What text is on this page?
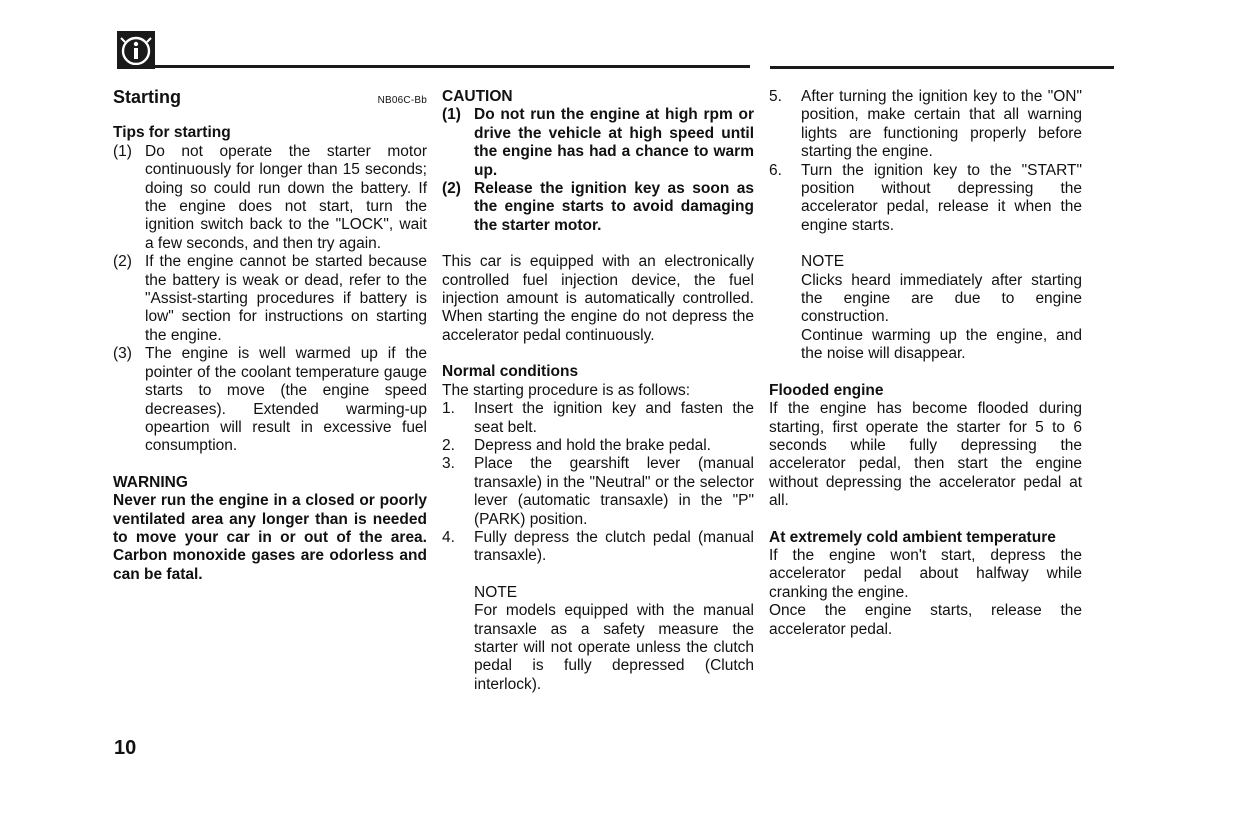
Starting	NB06C-Bb
Tips for starting
(1) Do not operate the starter motor continuously for longer than 15 seconds; doing so could run down the battery. If the engine does not start, turn the ignition switch back to the "LOCK", wait a few seconds, and then try again.
(2) If the engine cannot be started because the battery is weak or dead, refer to the "Assist-starting procedures if battery is low" section for instructions on starting the engine.
(3) The engine is well warmed up if the pointer of the coolant temperature gauge starts to move (the engine speed decreases). Extended warming-up opeartion will result in excessive fuel consumption.
WARNING

Never run the engine in a closed or poorly ventilated area any longer than is needed to move your car in or out of the area. Carbon monoxide gases are odorless and can be fatal.

CAUTION
(1) Do not run the engine at high rpm or drive the vehicle at high speed until the engine has had a chance to warm up.
(2) Release the ignition key as soon as the engine starts to avoid damaging the starter motor.

This car is equipped with an electronically controlled fuel injection device, the fuel injection amount is automatically controlled. When starting the engine do not depress the accelerator pedal continuously.

Normal conditions

The starting procedure is as follows:

1.	Insert the ignition key and fasten the seat belt.
2.	Depress and hold the brake pedal.
3.	Place the gearshift lever (manual transaxle) in the "Neutral" or the selector lever (automatic transaxle) in the "P" (PARK) position.
4.	Fully depress the clutch pedal (manual transaxle).
NOTE

For models equipped with the manual transaxle as a safety measure the starter will not operate unless the clutch pedal is fully depressed (Clutch interlock).

5.	After turning the ignition key to the "ON" position, make certain that all warning lights are functioning properly before starting the engine.
6.	Turn the ignition key to the "START" position without depressing the accelerator pedal, release it when the engine starts.
NOTE

Clicks heard immediately after starting the engine are due to engine construction.

Continue warming up the engine, and the noise will disappear.

Flooded engine

If the engine has become flooded during starting, first operate the starter for 5 to 6 seconds while fully depressing the accelerator pedal, then start the engine without depressing the accelerator pedal at all.

At extremely cold ambient temperature

If the engine won't start, depress the accelerator pedal about halfway while cranking the engine.

Once the engine starts, release the accelerator pedal.

10
